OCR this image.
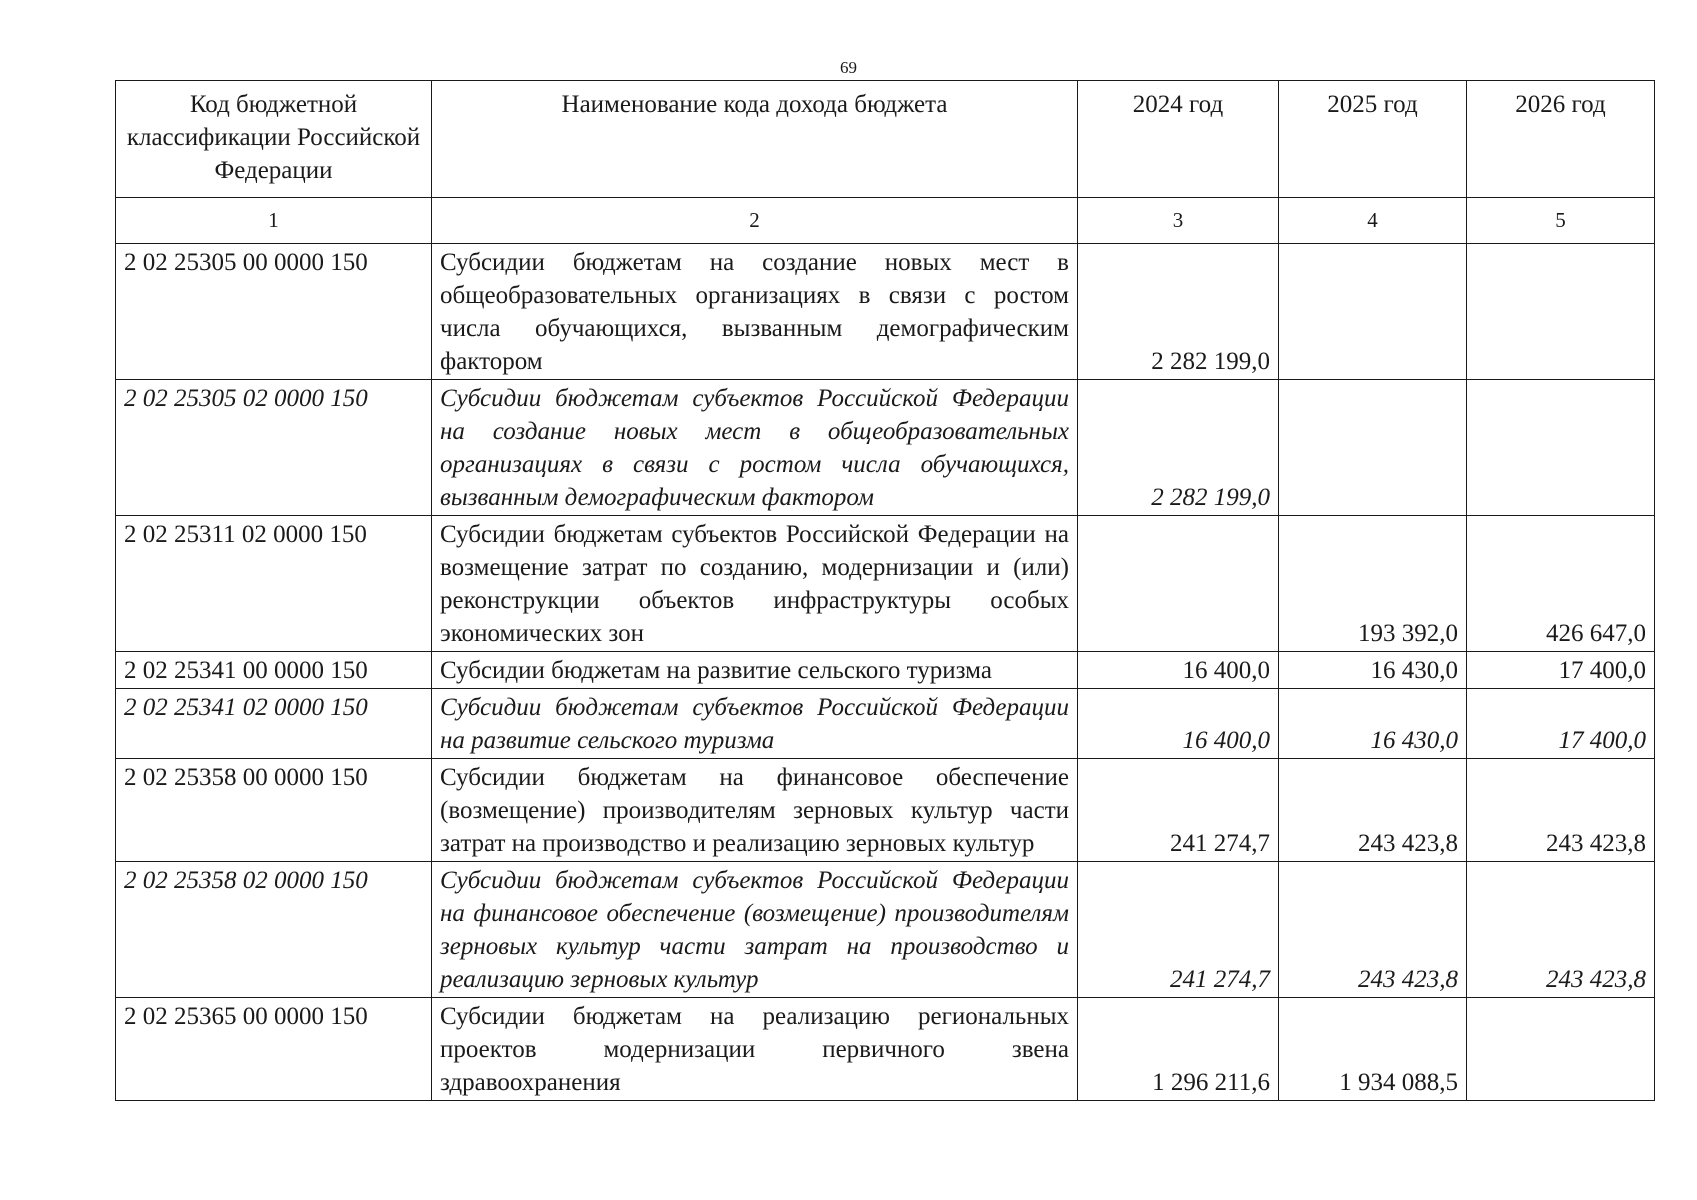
69
Код бюджетной классификации Российской Федерации	Наименование кода дохода бюджета	2024 год	2025 год	2026 год
1	2	3	4	5
2 02 25305 00 0000 150	Субсидии бюджетам на создание новых мест в общеобразовательных организациях в связи с ростом числа обучающихся, вызванным демографическим фактором	2 282 199,0		
2 02 25305 02 0000 150	Субсидии бюджетам субъектов Российской Федерации на создание новых мест в общеобразовательных организациях в связи с ростом числа обучающихся, вызванным демографическим фактором	2 282 199,0		
2 02 25311 02 0000 150	Субсидии бюджетам субъектов Российской Федерации на возмещение затрат по созданию, модернизации и (или) реконструкции объектов инфраструктуры особых экономических зон		193 392,0	426 647,0
2 02 25341 00 0000 150	Субсидии бюджетам на развитие сельского туризма	16 400,0	16 430,0	17 400,0
2 02 25341 02 0000 150	Субсидии бюджетам субъектов Российской Федерации на развитие сельского туризма	16 400,0	16 430,0	17 400,0
2 02 25358 00 0000 150	Субсидии бюджетам на финансовое обеспечение (возмещение) производителям зерновых культур части затрат на производство и реализацию зерновых культур	241 274,7	243 423,8	243 423,8
2 02 25358 02 0000 150	Субсидии бюджетам субъектов Российской Федерации на финансовое обеспечение (возмещение) производителям зерновых культур части затрат на производство и реализацию зерновых культур	241 274,7	243 423,8	243 423,8
2 02 25365 00 0000 150	Субсидии бюджетам на реализацию региональных проектов модернизации первичного звена здравоохранения	1 296 211,6	1 934 088,5	
